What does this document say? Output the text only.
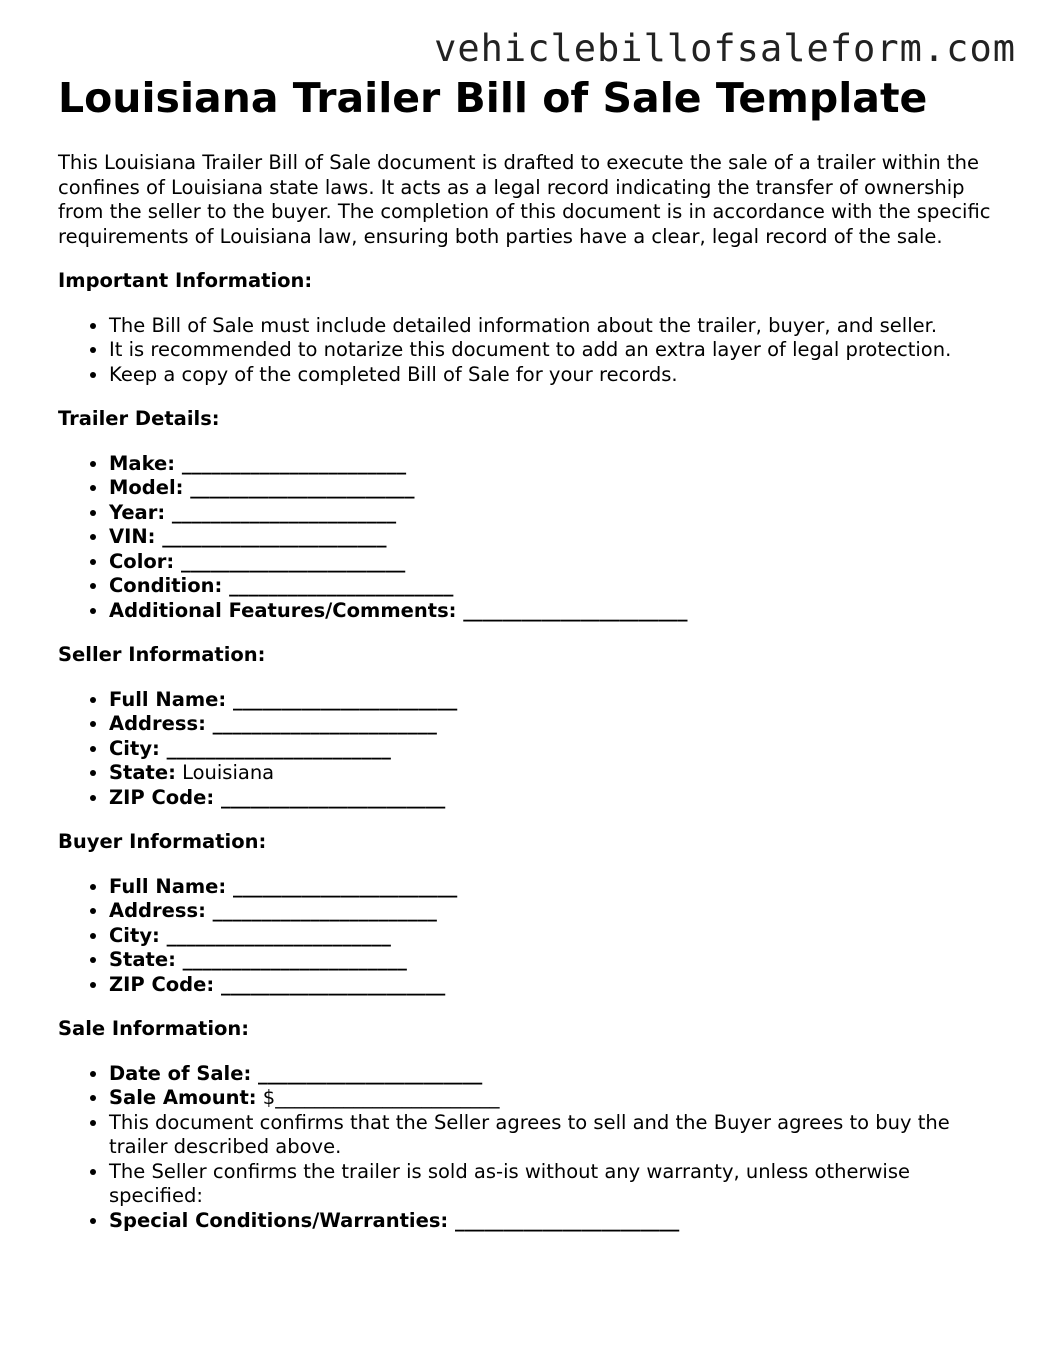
vehiclebillofsaleform.com
Louisiana Trailer Bill of Sale Template

This Louisiana Trailer Bill of Sale document is drafted to execute the sale of a trailer within the confines of Louisiana state laws. It acts as a legal record indicating the transfer of ownership from the seller to the buyer. The completion of this document is in accordance with the specific requirements of Louisiana law, ensuring both parties have a clear, legal record of the sale.

Important Information:
• The Bill of Sale must include detailed information about the trailer, buyer, and seller.
• It is recommended to notarize this document to add an extra layer of legal protection.
• Keep a copy of the completed Bill of Sale for your records.
Trailer Details:
• Make: _______________________
• Model: _______________________
• Year: _______________________
• VIN: _______________________
• Color: _______________________
• Condition: _______________________
• Additional Features/Comments: _______________________
Seller Information:
• Full Name: _______________________
• Address: _______________________
• City: _______________________
• State: Louisiana
• ZIP Code: _______________________
Buyer Information:
• Full Name: _______________________
• Address: _______________________
• City: _______________________
• State: _______________________
• ZIP Code: _______________________
Sale Information:
• Date of Sale: _______________________
• Sale Amount: $_______________________
• This document confirms that the Seller agrees to sell and the Buyer agrees to buy the trailer described above.
• The Seller confirms the trailer is sold as-is without any warranty, unless otherwise specified:
• Special Conditions/Warranties: _______________________
